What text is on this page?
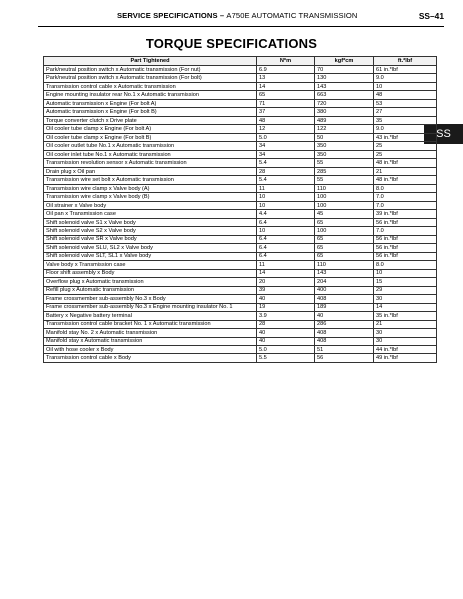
SERVICE SPECIFICATIONS – A750E AUTOMATIC TRANSMISSION	SS–41
TORQUE SPECIFICATIONS
SS
Part Tightened	N*m	kgf*cm	ft.*lbf
Park/neutral position switch x Automatic transmission (For nut)	6.9	70	61 in.*lbf
Park/neutral position switch x Automatic transmission (For bolt)	13	130	9.0
Transmission control cable x Automatic transmission	14	143	10
Engine mounting insulator rear No.1 x Automatic transmission	65	663	48
Automatic transmission x Engine (For bolt A)	71	720	53
Automatic transmission x Engine (For bolt B)	37	380	27
Torque converter clutch x Drive plate	48	489	35
Oil cooler tube clamp x Engine (For bolt A)	12	122	9.0
Oil cooler tube clamp x Engine (For bolt B)	5.0	50	43 in.*lbf
Oil cooler outlet tube No.1 x Automatic transmission	34	350	25
Oil cooler inlet tube No.1 x Automatic transmission	34	350	25
Transmission revolution sensor x Automatic transmission	5.4	55	48 in.*lbf
Drain plug x Oil pan	28	285	21
Transmission wire set bolt x Automatic transmission	5.4	55	48 in.*lbf
Transmission wire clamp x Valve body (A)	11	110	8.0
Transmission wire clamp x Valve body (B)	10	100	7.0
Oil strainer x Valve body	10	100	7.0
Oil pan x Transmission case	4.4	45	39 in.*lbf
Shift solenoid valve S1 x Valve body	6.4	65	56 in.*lbf
Shift solenoid valve S2 x Valve body	10	100	7.0
Shift solenoid valve SR x Valve body	6.4	65	56 in.*lbf
Shift solenoid valve SLU, SL2 x Valve body	6.4	65	56 in.*lbf
Shift solenoid valve SLT, SL1 x Valve body	6.4	65	56 in.*lbf
Valve body x Transmission case	11	110	8.0
Floor shift assembly x Body	14	143	10
Overflow plug x Automatic transmission	20	204	15
Refill plug x Automatic transmission	39	400	29
Frame crossmember sub-assembly No.3 x Body	40	408	30
Frame crossmember sub-assembly No.3 x Engine mounting insulator No. 1	19	189	14
Battery x Negative battery terminal	3.9	40	35 in.*lbf
Transmission control cable bracket No. 1 x Automatic transmission	28	286	21
Manifold stay No. 2 x Automatic transmission	40	408	30
Manifold stay x Automatic transmission	40	408	30
Oil with hose cooler x Body	5.0	51	44 in.*lbf
Transmission control cable x Body	5.5	56	49 in.*lbf
